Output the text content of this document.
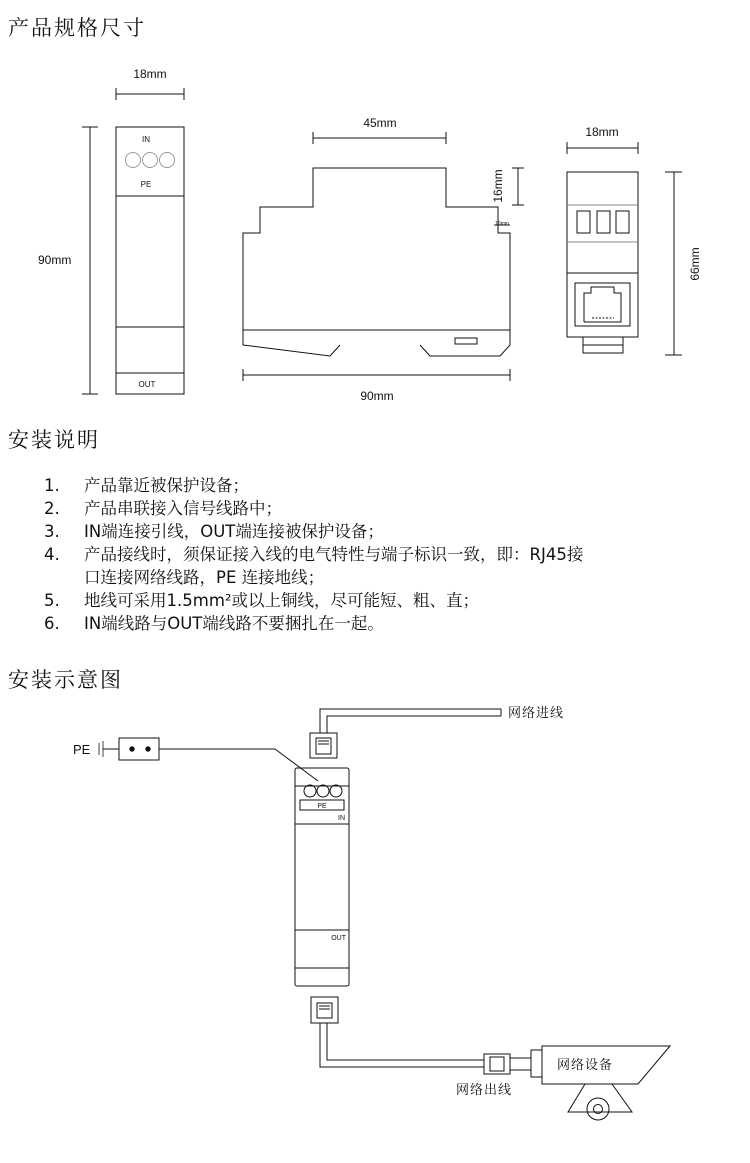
产品规格尺寸
安装说明
安装示意图
18mm
90mm
IN
PE
OUT
45mm
16mm
16mm
90mm
18mm
66mm
1. 产品靠近被保护设备；
2. 产品串联接入信号线路中；
3. IN端连接引线，OUT端连接被保护设备；
4. 产品接线时，须保证接入线的电气特性与端子标识一致，即：RJ45接
口连接网络线路，PE 连接地线；
5. 地线可采用1.5mm²或以上铜线，尽可能短、粗、直；
6. IN端线路与OUT端线路不要捆扎在一起。
PE
PE
IN
OUT
网络进线
网络出线
网络设备
